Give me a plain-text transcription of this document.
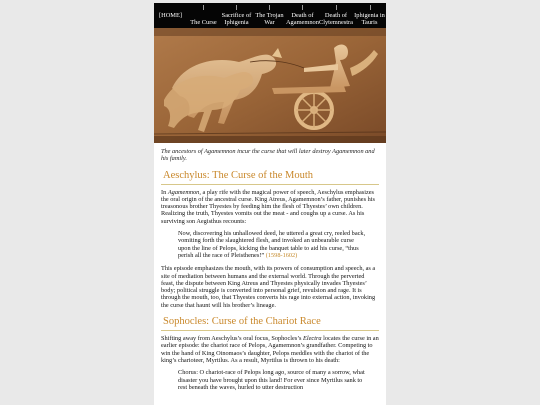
[HOME]
The Curse
Sacrifice of Iphigenia
The Trojan War
Death of Agamemnon
Death of Clytemnestra
Iphigenia in Tauris

The ancestors of Agamemnon incur the curse that will later destroy Agamemnon and his family.

Aeschylus: The Curse of the Mouth

In Agamemnon, a play rife with the magical power of speech, Aeschylus emphasizes the oral origin of the ancestral curse. King Atreus, Agamemnon’s father, punishes his treasonous brother Thyestes by feeding him the flesh of Thyestes’ own children. Realizing the truth, Thyestes vomits out the meat - and coughs up a curse. As his surviving son Aegisthus recounts:

Now, discovering his unhallowed deed, he uttered a great cry, reeled back, vomiting forth the slaughtered flesh, and invoked an unbearable curse upon the line of Pelops, kicking the banquet table to aid his curse, “thus perish all the race of Pleisthenes!” (1598-1602)

This episode emphasizes the mouth, with its powers of consumption and speech, as a site of mediation between humans and the external world. Through the perverted feast, the dispute between King Atreus and Thyestes physically invades Thyestes’ body; political struggle is converted into personal grief, revulsion and rage. It is through the mouth, too, that Thyestes converts his rage into external action, invoking the curse that haunt will his brother’s lineage.

Sophocles: Curse of the Chariot Race

Shifting away from Aeschylus’s oral focus, Sophocles’s Electra locates the curse in an earlier episode: the chariot race of Pelops, Agamemnon’s grandfather. Competing to win the hand of King Oinomaos’s daughter, Pelops meddles with the chariot of the king’s charioteer, Myrtilus. As a result, Myrtilus is thrown to his death:

Chorus: O chariot-race of Pelops long ago, source of many a sorrow, what disaster you have brought upon this land! For ever since Myrtilus sank to rest beneath the waves, hurled to utter destruction
